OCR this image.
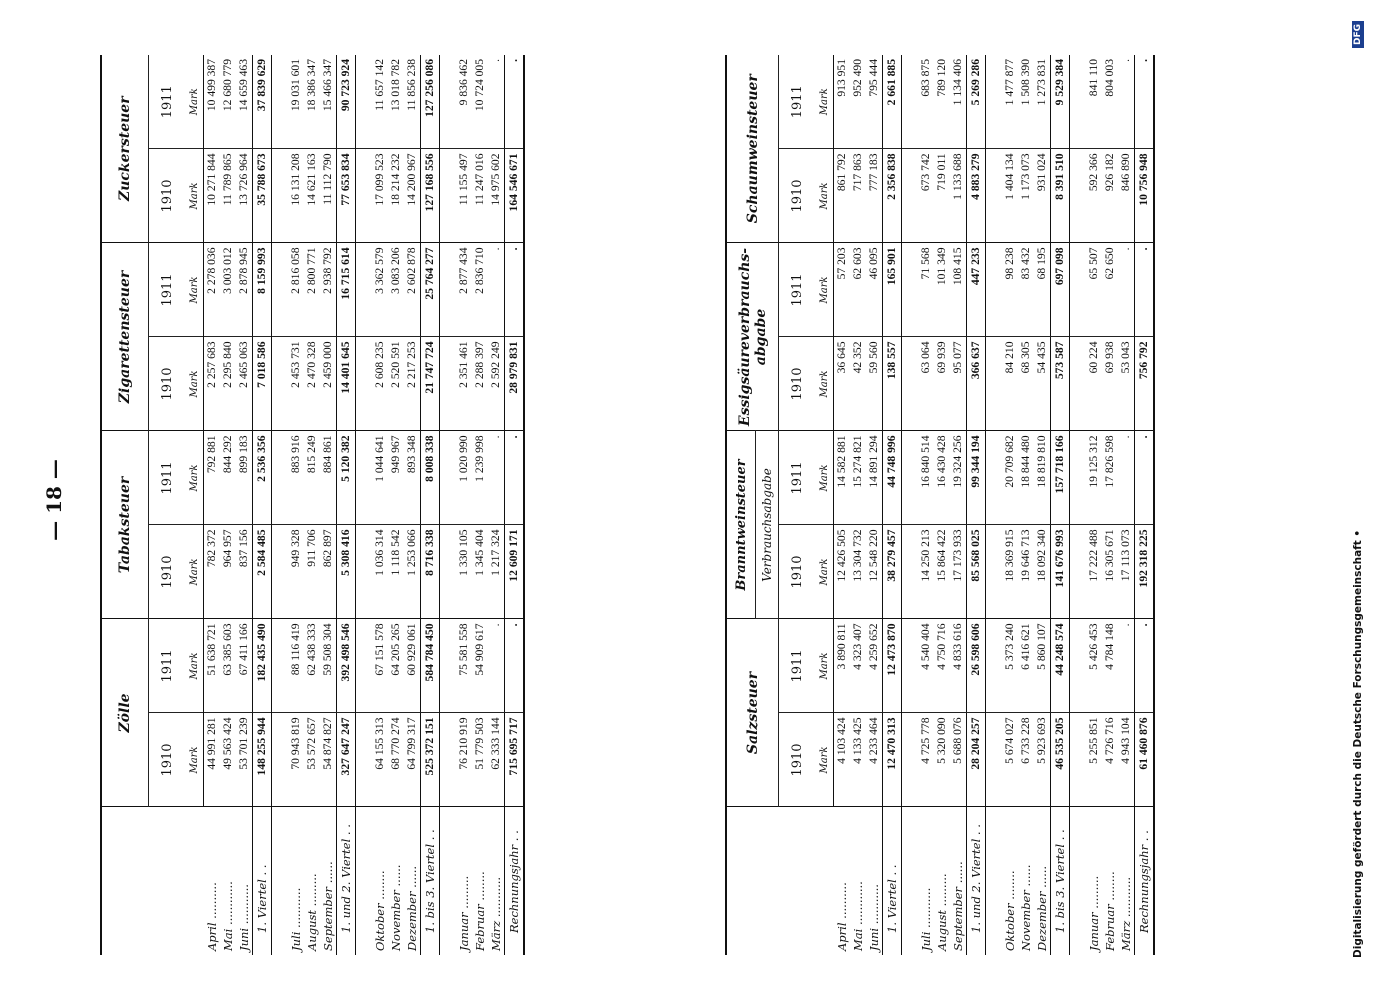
— 18 —
	Zölle		Tabaksteuer		Zigarettensteuer		Zuckersteuer	
	1910	1911	1910	1911	1910	1911	1910	1911
	Mark	Mark	Mark	Mark	Mark	Mark	Mark	Mark
April ..........	44 991 281	51 638 721	782 372	792 881	2 257 683	2 278 036	10 271 844	10 499 387
Mai ............	49 563 424	63 385 603	964 957	844 292	2 295 840	3 003 012	11 789 865	12 680 779
Juni ...........	53 701 239	67 411 166	837 156	899 183	2 465 063	2 878 945	13 726 964	14 659 463
1. Viertel . .	148 255 944	182 435 490	2 584 485	2 536 356	7 018 586	8 159 993	35 788 673	37 839 629

Juli ...........	70 943 819	88 116 419	949 328	883 916	2 453 731	2 816 058	16 131 208	19 031 601
August .........	53 572 657	62 438 333	911 706	815 249	2 470 328	2 800 771	14 621 163	18 386 347
September ......	54 874 827	59 508 304	862 897	884 861	2 459 000	2 938 792	11 112 790	15 466 347
1. und 2. Viertel . .	327 647 247	392 498 546	5 308 416	5 120 382	14 401 645	16 715 614	77 653 834	90 723 924

Oktober ........	64 155 313	67 151 578	1 036 314	1 044 641	2 608 235	3 362 579	17 099 523	11 657 142
November ......	68 770 274	64 205 265	1 118 542	949 967	2 520 591	3 083 206	18 214 232	13 018 782
Dezember ......	64 799 317	60 929 061	1 253 066	893 348	2 217 253	2 602 878	14 200 967	11 856 238
1. bis 3. Viertel . .	525 372 151	584 784 450	8 716 338	8 008 338	21 747 724	25 764 277	127 168 556	127 256 086

Januar .........	76 210 919	75 581 558	1 330 105	1 020 990	2 351 461	2 877 434	11 155 497	9 836 462
Februar ........	51 779 503	54 909 617	1 345 404	1 239 998	2 288 397	2 836 710	11 247 016	10 724 005
März ...........	62 333 144	.	1 217 324	.	2 592 249	.	14 975 602	.
Rechnungsjahr . .	715 695 717	.	12 609 171	.	28 979 831	.	164 546 671	.
	Salzsteuer		Branntweinsteuer		Essigsäureverbrauchs-abgabe		Schaumweinsteuer	
			Verbrauchsabgabe					
	1910	1911	1910	1911	1910	1911	1910	1911
	Mark	Mark	Mark	Mark	Mark	Mark	Mark	Mark
April ..........	4 103 424	3 890 811	12 426 505	14 582 881	36 645	57 203	861 792	913 951
Mai ............	4 133 425	4 323 407	13 304 732	15 274 821	42 352	62 603	717 863	952 490
Juni ...........	4 233 464	4 259 652	12 548 220	14 891 294	59 560	46 095	777 183	795 444
1. Viertel . .	12 470 313	12 473 870	38 279 457	44 748 996	138 557	165 901	2 356 838	2 661 885

Juli ...........	4 725 778	4 540 404	14 250 213	16 840 514	63 064	71 568	673 742	683 875
August .........	5 320 090	4 750 716	15 864 422	16 430 428	69 939	101 349	719 011	789 120
September ......	5 688 076	4 833 616	17 173 933	19 324 256	95 077	108 415	1 133 688	1 134 406
1. und 2. Viertel . .	28 204 257	26 598 606	85 568 025	99 344 194	366 637	447 233	4 883 279	5 269 286

Oktober ........	5 674 027	5 373 240	18 369 915	20 709 682	84 210	98 238	1 404 134	1 477 877
November ......	6 733 228	6 416 621	19 646 713	18 844 480	68 305	83 432	1 173 073	1 508 390
Dezember ......	5 923 693	5 860 107	18 092 340	18 819 810	54 435	68 195	931 024	1 273 831
1. bis 3. Viertel . .	46 535 205	44 248 574	141 676 993	157 718 166	573 587	697 098	8 391 510	9 529 384

Januar .........	5 255 851	5 426 453	17 222 488	19 125 312	60 224	65 507	592 366	841 110
Februar ........	4 726 716	4 784 148	16 305 671	17 826 598	69 938	62 650	926 182	804 003
März ...........	4 943 104	.	17 113 073	.	53 043	.	846 890	.
Rechnungsjahr . .	61 460 876	.	192 318 225	.	756 792	.	10 756 948	.
Digitalisierung gefördert durch die Deutsche Forschungsgemeinschaft •
DFG
